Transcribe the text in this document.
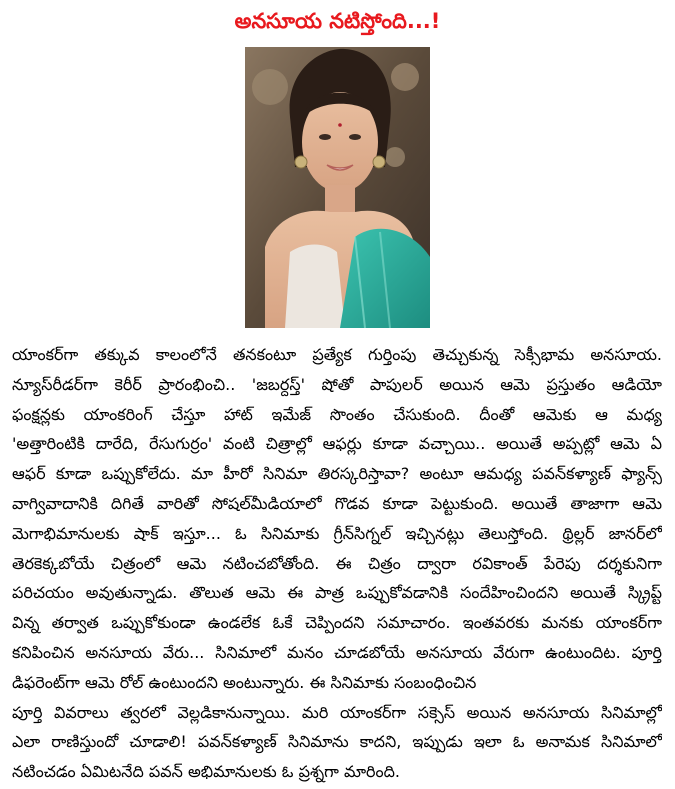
అనసూయ నటిస్తోంది...!
యాంకర్‌గా తక్కువ కాలంలోనే తనకంటూ ప్రత్యేక గుర్తింపు తెచ్చుకున్న సెక్సీభామ అనసూయ.
న్యూస్‌రీడర్‌గా కెరీర్ ప్రారంభించి.. 'జబర్దస్త్' షోతో పాపులర్ అయిన ఆమె ప్రస్తుతం ఆడియో
ఫంక్షన్లకు యాంకరింగ్ చేస్తూ హాట్ ఇమేజ్ సొంతం చేసుకుంది. దీంతో ఆమెకు ఆ మధ్య
'అత్తారింటికి దారేది, రేసుగుర్రం' వంటి చిత్రాల్లో ఆఫర్లు కూడా వచ్చాయి.. అయితే అప్పట్లో ఆమె ఏ
ఆఫర్ కూడా ఒప్పుకోలేదు. మా హీరో సినిమా తిరస్కరిస్తావా? అంటూ ఆమధ్య పవన్‌కళ్యాణ్ ఫ్యాన్స్
వాగ్వివాదానికి దిగితే వారితో సోషల్‌మీడియాలో గొడవ కూడా పెట్టుకుంది. అయితే తాజాగా ఆమె
మెగాభిమానులకు షాక్ ఇస్తూ... ఓ సినిమాకు గ్రీన్‌సిగ్నల్ ఇచ్చినట్లు తెలుస్తోంది. థ్రిల్లర్ జానర్‌లో
తెరకెక్కబోయే చిత్రంలో ఆమె నటించబోతోంది. ఈ చిత్రం ద్వారా రవికాంత్ పేరెపు దర్శకునిగా
పరిచయం అవుతున్నాడు. తొలుత ఆమె ఈ పాత్ర ఒప్పుకోవడానికి సందేహించిందని అయితే స్క్రిప్ట్
విన్న తర్వాత ఒప్పుకోకుండా ఉండలేక ఓకే చెప్పిందని సమాచారం. ఇంతవరకు మనకు యాంకర్‌గా
కనిపించిన అనసూయ వేరు... సినిమాలో మనం చూడబోయే అనసూయ వేరుగా ఉంటుందిట. పూర్తి
డిఫరెంట్‌గా ఆమె రోల్ ఉంటుందని అంటున్నారు. ఈ సినిమాకు సంబంధించిన
పూర్తి వివరాలు త్వరలో వెల్లడికానున్నాయి. మరి యాంకర్‌గా సక్సెస్ అయిన అనసూయ సినిమాల్లో
ఎలా రాణిస్తుందో చూడాలి! పవన్‌కళ్యాణ్ సినిమాను కాదని, ఇప్పుడు ఇలా ఓ అనామక సినిమాలో
నటించడం ఏమిటనేది పవన్ అభిమానులకు ఓ ప్రశ్నగా మారింది.
